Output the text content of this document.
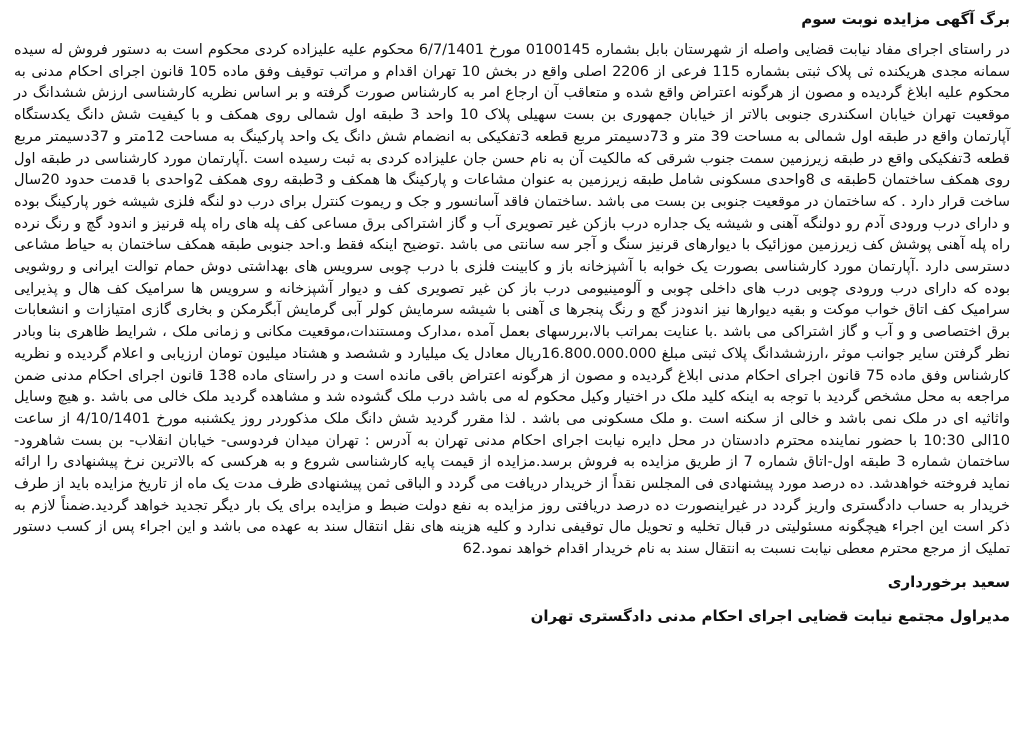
برگ آگهی مزایده نوبت سوم

در راستای اجرای مفاد نیابت قضایی واصله از شهرستان بابل بشماره 0100145 مورخ 6/7/1401 محکوم علیه علیزاده کردی محکوم است به دستور فروش له سیده سمانه مجدی هریکنده ثی پلاک ثبتی بشماره 115 فرعی از 2206 اصلی واقع در بخش 10 تهران اقدام و مراتب توقیف وفق ماده 105 قانون اجرای احکام مدنی به محکوم علیه ابلاغ گردیده و مصون از هرگونه اعتراض واقع شده و متعاقب آن ارجاع امر به کارشناس صورت گرفته و بر اساس نظریه کارشناسی ارزش ششدانگ در موقعیت تهران خیابان اسکندری جنوبی بالاتر از خیابان جمهوری بن بست سهیلی پلاک 10 واحد 3 طبقه اول شمالی روی همکف و با کیفیت شش دانگ یکدستگاه آپارتمان واقع در طبقه اول شمالی به مساحت 39 متر و 73دسیمتر مربع قطعه 3تفکیکی به انضمام شش دانگ یک واحد پارکینگ به مساحت 12متر و 37دسیمتر مربع قطعه 3تفکیکی واقع در طبقه زیرزمین سمت جنوب شرقی که مالکیت آن به نام حسن جان علیزاده کردی به ثبت رسیده است .آپارتمان مورد کارشناسی در طبقه اول روی همکف ساختمان 5طبقه ی 8واحدی مسکونی شامل طبقه زیرزمین به عنوان مشاعات و پارکینگ ها همکف و 3طبقه روی همکف 2واحدی با قدمت حدود 20سال ساخت قرار دارد . که ساختمان در موقعیت جنوبی بن بست می باشد .ساختمان فاقد آسانسور و جک و ریموت کنترل برای درب دو لنگه فلزی شیشه خور پارکینگ بوده و دارای درب ورودی آدم رو دولنگه آهنی و شیشه یک جداره درب بازکن غیر تصویری آب و گاز اشتراکی برق مساعی کف پله های راه پله قرنیز و اندود گچ و رنگ نرده راه پله آهنی پوشش کف زیرزمین موزائیک با دیوارهای قرنیز سنگ و آجر سه سانتی می باشد .توضیح اینکه فقط و.احد جنوبی طبقه همکف ساختمان به حیاط مشاعی دسترسی دارد .آپارتمان مورد کارشناسی بصورت یک خوابه با آشپزخانه باز و کابینت فلزی با درب چوبی سرویس های بهداشتی دوش حمام توالت ایرانی و روشویی بوده که دارای درب ورودی چوبی درب های داخلی چوبی و آلومینیومی درب باز کن غیر تصویری کف و دیوار آشپزخانه و سرویس ها سرامیک کف هال و پذیرایی سرامیک کف اتاق خواب موکت و بقیه دیوارها نیز اندودز گچ و رنگ پنجرها ی آهنی با شیشه سرمایش کولر آبی گرمایش آبگرمکن و بخاری گازی امتیازات و انشعابات برق اختصاصی و و آب و گاز اشتراکی می باشد .با عنایت بمراتب بالا،بررسهای بعمل آمده ،مدارک ومستندات،موقعیت مکانی و زمانی ملک ، شرایط ظاهری بنا وبادر نظر گرفتن سایر جوانب موثر ،ارزششدانگ پلاک ثبتی مبلغ 16.800.000.000ریال معادل یک میلیارد و ششصد و هشتاد میلیون تومان ارزیابی و اعلام گردیده و نظریه کارشناس وفق ماده 75 قانون اجرای احکام مدنی ابلاغ گردیده و مصون از هرگونه اعتراض باقی مانده است و در راستای ماده 138 قانون اجرای احکام مدنی ضمن مراجعه به محل مشخص گردید با توجه به اینکه کلید ملک در اختیار وکیل محکوم له می باشد درب ملک گشوده شد و مشاهده گردید ملک خالی می باشد .و هیچ وسایل واثاثیه ای در ملک نمی باشد و خالی از سکنه است .و ملک مسکونی می باشد . لذا مقرر گردید شش دانگ ملک مذکوردر روز یکشنبه مورخ 4/10/1401 از ساعت 10الی 10:30 با حضور نماینده محترم دادستان در محل دایره نیابت اجرای احکام مدنی تهران به آدرس : تهران میدان فردوسی- خیابان انقلاب- بن بست شاهرود- ساختمان شماره 3 طبقه اول-اتاق شماره 7 از طریق مزایده به فروش برسد.مزایده از قیمت پایه کارشناسی شروع و به هرکسی که بالاترین نرخ پیشنهادی را ارائه نماید فروخته خواهدشد. ده درصد مورد پیشنهادی فی المجلس نقداً از خریدار دریافت می گردد و الباقی ثمن پیشنهادی ظرف مدت یک ماه از تاریخ مزایده باید از طرف خریدار به حساب دادگستری واریز گردد در غیراینصورت ده درصد دریافتی روز مزایده به نفع دولت ضبط و مزایده برای یک بار دیگر تجدید خواهد گردید.ضمناً لازم به ذکر است این اجراء هیچگونه مسئولیتی در قبال تخلیه و تحویل مال توقیفی ندارد و کلیه هزینه های نقل انتقال سند به عهده می باشد و این اجراء پس از کسب دستور تملیک از مرجع محترم معطی نیابت نسبت به انتقال سند به نام خریدار اقدام خواهد نمود.62

سعید برخورداری
مدیراول مجتمع نیابت قضایی اجرای احکام مدنی دادگستری تهران
